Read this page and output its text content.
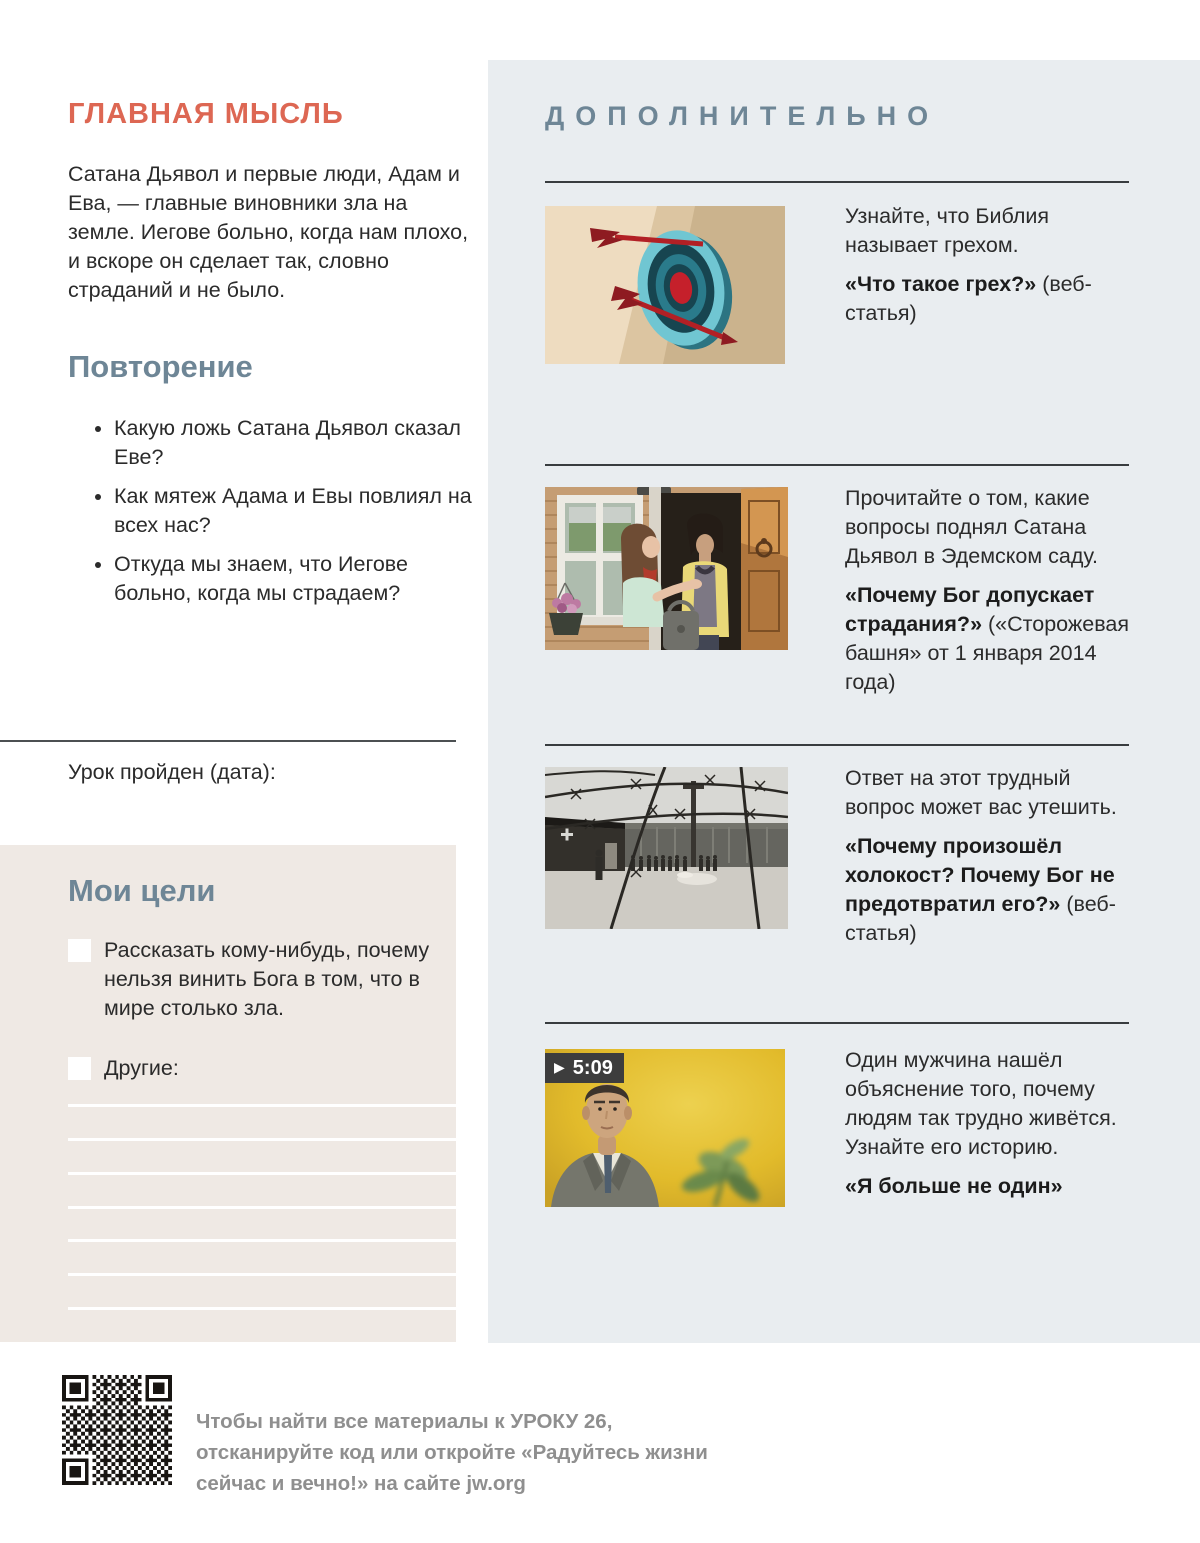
ГЛАВНАЯ МЫСЛЬ
Сатана Дьявол и первые люди, Адам и Ева, — главные виновники зла на земле. Иегове больно, когда нам плохо, и вскоре он сделает так, словно страданий и не было.
Повторение
• Какую ложь Сатана Дьявол сказал Еве?
• Как мятеж Адама и Евы повлиял на всех нас?
• Откуда мы знаем, что Иегове больно, когда мы страдаем?
Урок пройден (дата):
Мои цели
Рассказать кому-нибудь, почему нельзя винить Бога в том, что в мире столько зла.
Другие:
ДОПОЛНИТЕЛЬНО

Узнайте, что Библия называет грехом.

«Что такое грех?» (веб-статья)

Прочитайте о том, какие вопросы поднял Сатана Дьявол в Эдемском саду.

«Почему Бог допускает страдания?» («Сторожевая башня» от 1 января 2014 года)

Ответ на этот трудный вопрос может вас утешить.

«Почему произошёл холокост? Почему Бог не предотвратил его?» (веб-статья)

▶ 5:09	Один мужчина нашёл объяснение того, почему людям так трудно живётся. Узнайте его историю.

«Я больше не один»

Чтобы найти все материалы к УРОКУ 26, отсканируйте код или откройте «Радуйтесь жизни сейчас и вечно!» на сайте jw.org
